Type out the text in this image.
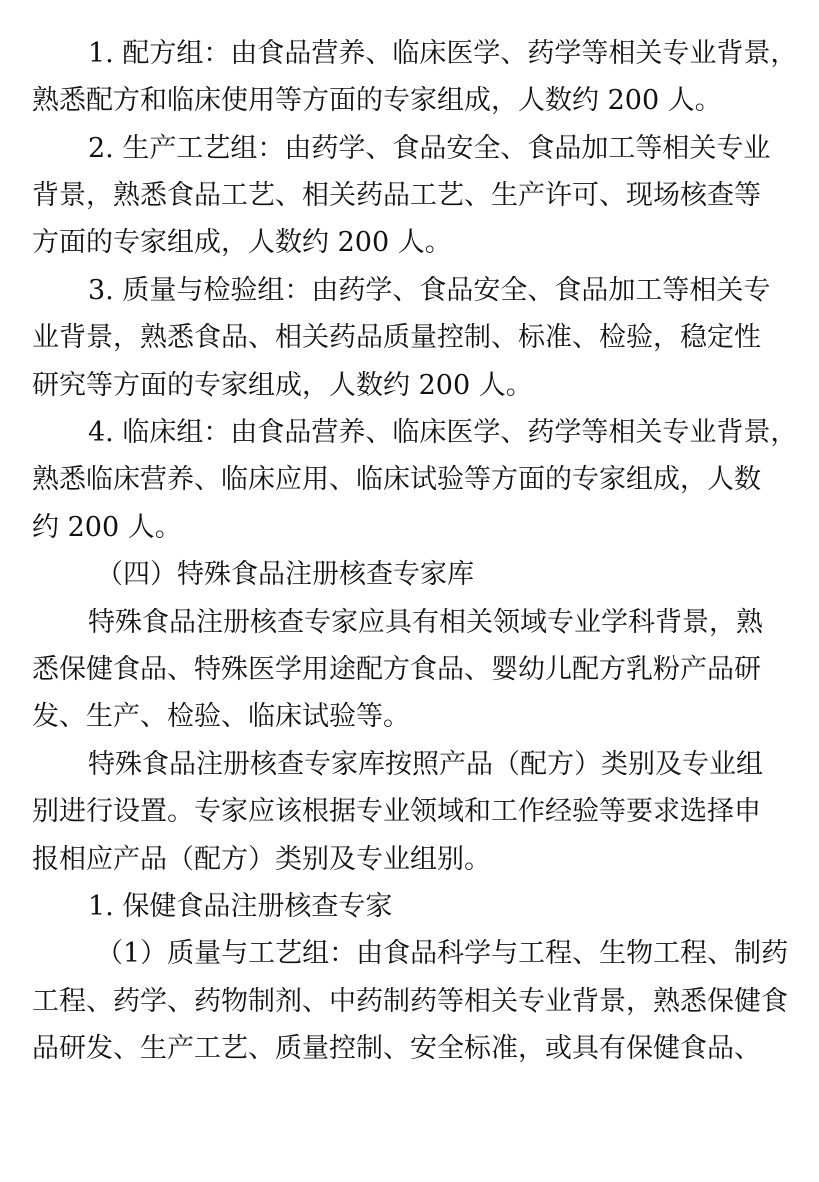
1. 配方组：由食品营养、临床医学、药学等相关专业背景，
熟悉配方和临床使用等方面的专家组成，人数约 200 人。
2. 生产工艺组：由药学、食品安全、食品加工等相关专业
背景，熟悉食品工艺、相关药品工艺、生产许可、现场核查等
方面的专家组成，人数约 200 人。
3. 质量与检验组：由药学、食品安全、食品加工等相关专
业背景，熟悉食品、相关药品质量控制、标准、检验，稳定性
研究等方面的专家组成，人数约 200 人。
4. 临床组：由食品营养、临床医学、药学等相关专业背景，
熟悉临床营养、临床应用、临床试验等方面的专家组成，人数
约 200 人。
（四）特殊食品注册核查专家库
特殊食品注册核查专家应具有相关领域专业学科背景，熟
悉保健食品、特殊医学用途配方食品、婴幼儿配方乳粉产品研
发、生产、检验、临床试验等。
特殊食品注册核查专家库按照产品（配方）类别及专业组
别进行设置。专家应该根据专业领域和工作经验等要求选择申
报相应产品（配方）类别及专业组别。
1. 保健食品注册核查专家
（1）质量与工艺组：由食品科学与工程、生物工程、制药
工程、药学、药物制剂、中药制药等相关专业背景，熟悉保健食
品研发、生产工艺、质量控制、安全标准，或具有保健食品、
